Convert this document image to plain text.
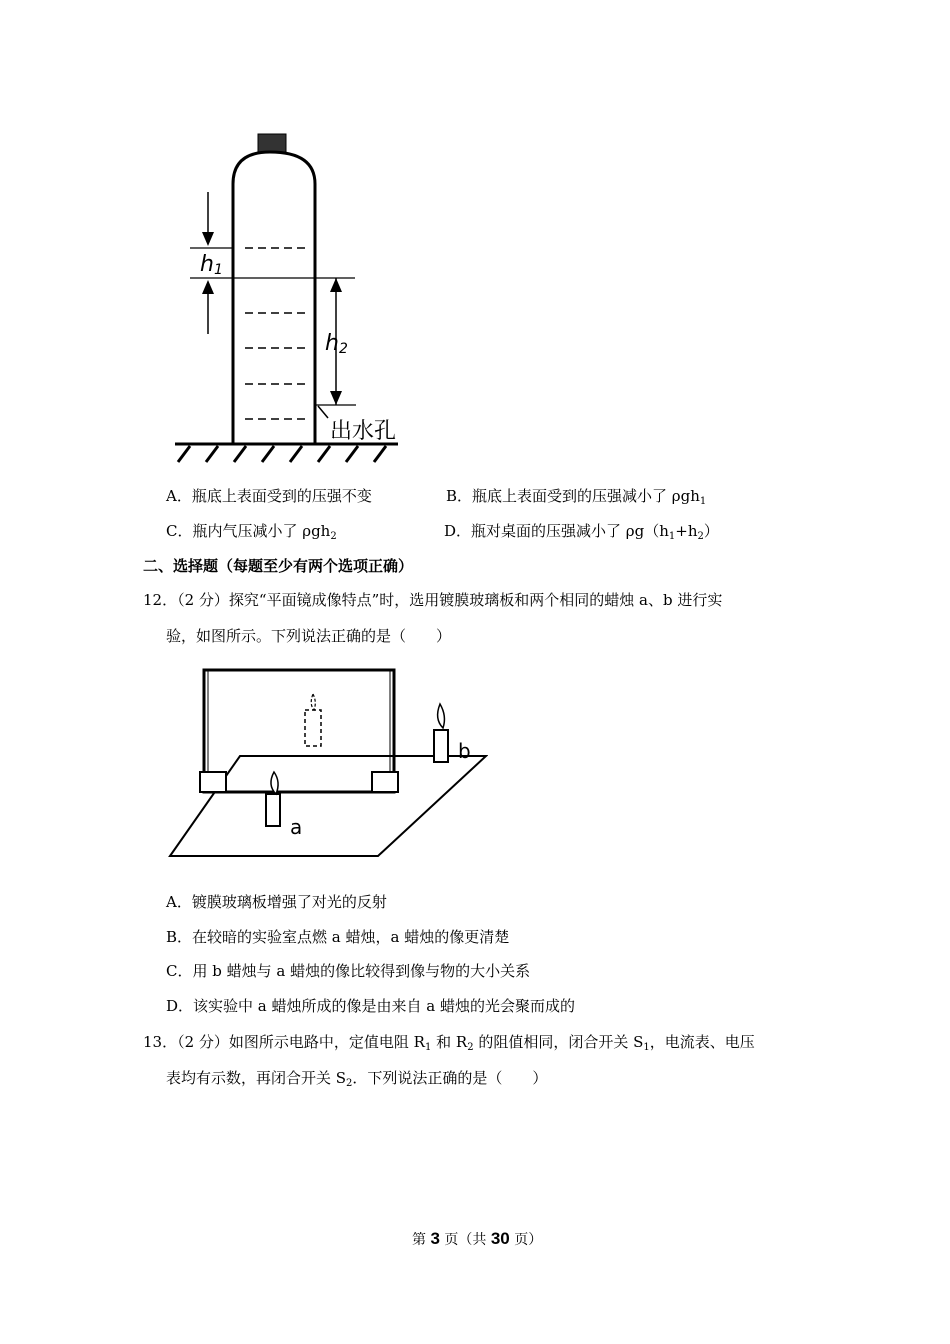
h1
h2
出水孔
A．瓶底上表面受到的压强不变	B．瓶底上表面受到的压强减小了 ρgh$_1$
C．瓶内气压减小了 ρgh$_2$	D．瓶对桌面的压强减小了 $\rho g(h_1+h_2)$
二、选择题（每题至少有两个选项正确）
12．（2 分）探究“平面镜成像特点”时，选用镀膜玻璃板和两个相同的蜡烛 a、b 进行实
验，如图所示。下列说法正确的是（　　）
a
b
A．镀膜玻璃板增强了对光的反射
B．在较暗的实验室点燃 a 蜡烛，a 蜡烛的像更清楚
C．用 b 蜡烛与 a 蜡烛的像比较得到像与物的大小关系
D．该实验中 a 蜡烛所成的像是由来自 a 蜡烛的光会聚而成的
13．（2 分）如图所示电路中，定值电阻 $R_1$ 和 $R_2$ 的阻值相同，闭合开关 $S_1$，电流表、电压
表均有示数，再闭合开关 $S_2$．下列说法正确的是（　　）
第 3 页（共 30 页）
